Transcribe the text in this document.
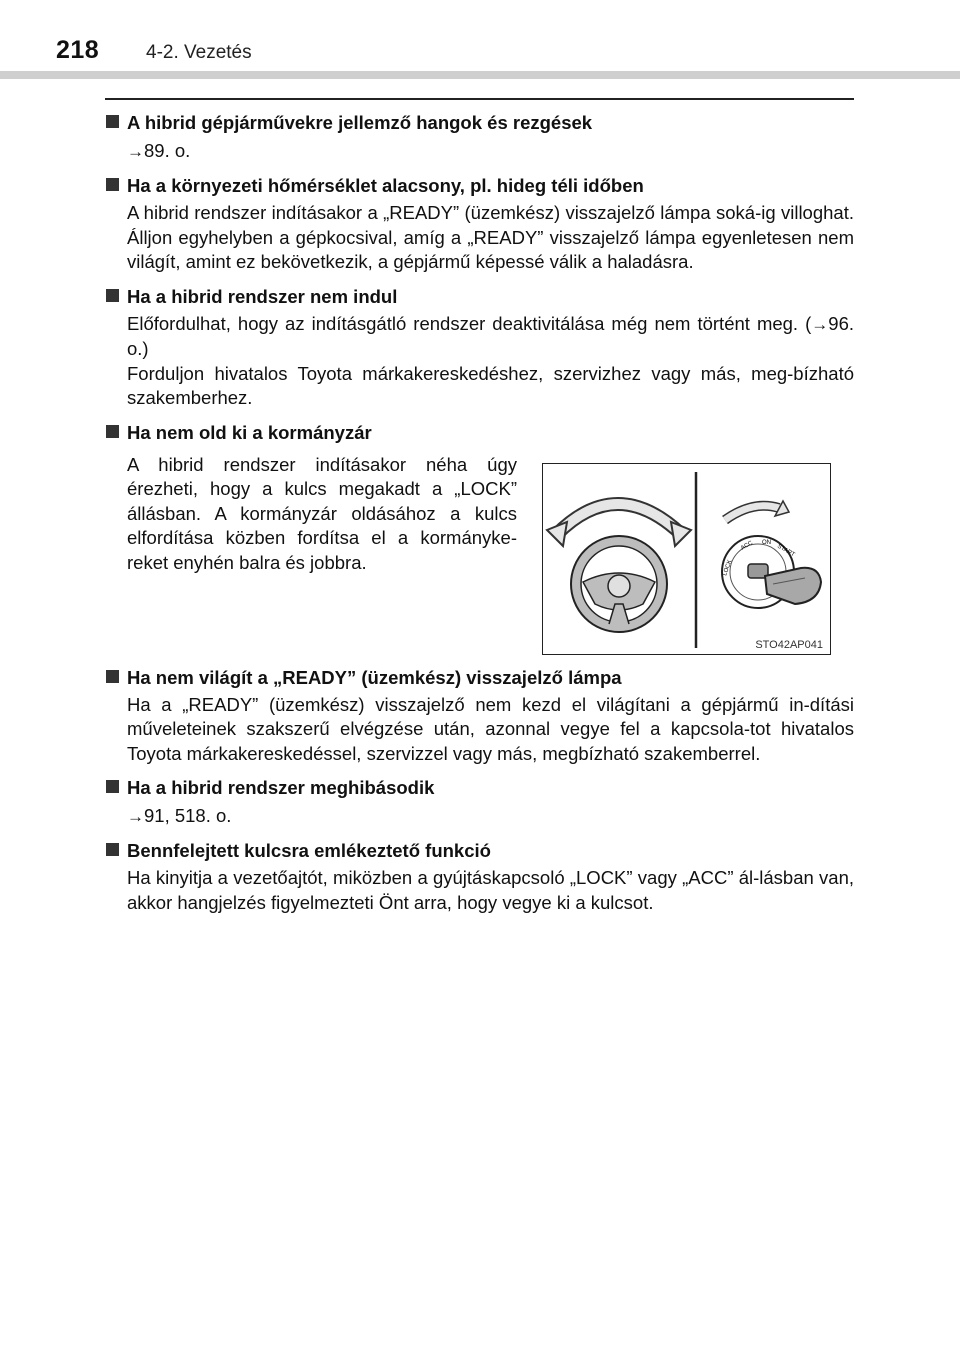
218 4-2. Vezetés
A hibrid gépjárművekre jellemző hangok és rezgések
→89. o.
Ha a környezeti hőmérséklet alacsony, pl. hideg téli időben
A hibrid rendszer indításakor a „READY” (üzemkész) visszajelző lámpa soká-ig villoghat. Álljon egyhelyben a gépkocsival, amíg a „READY” visszajelző lámpa egyenletesen nem világít, amint ez bekövetkezik, a gépjármű képessé válik a haladásra.
Ha a hibrid rendszer nem indul
Előfordulhat, hogy az indításgátló rendszer deaktivitálása még nem történt meg. (→96. o.)
Forduljon hivatalos Toyota márkakereskedéshez, szervizhez vagy más, meg-bízható szakemberhez.
Ha nem old ki a kormányzár
A hibrid rendszer indításakor néha úgy érezheti, hogy a kulcs megakadt a „LOCK” állásban. A kormányzár oldásához a kulcs elfordítása közben fordítsa el a kormányke-reket enyhén balra és jobbra.	LOCK
ACC ON
START
STO42AP041
Ha nem világít a „READY” (üzemkész) visszajelző lámpa
Ha a „READY” (üzemkész) visszajelző nem kezd el világítani a gépjármű in-dítási műveleteinek szakszerű elvégzése után, azonnal vegye fel a kapcsola-tot hivatalos Toyota márkakereskedéssel, szervizzel vagy más, megbízható szakemberrel.
Ha a hibrid rendszer meghibásodik
→91, 518. o.
Bennfelejtett kulcsra emlékeztető funkció
Ha kinyitja a vezetőajtót, miközben a gyújtáskapcsoló „LOCK” vagy „ACC” ál-lásban van, akkor hangjelzés figyelmezteti Önt arra, hogy vegye ki a kulcsot.
